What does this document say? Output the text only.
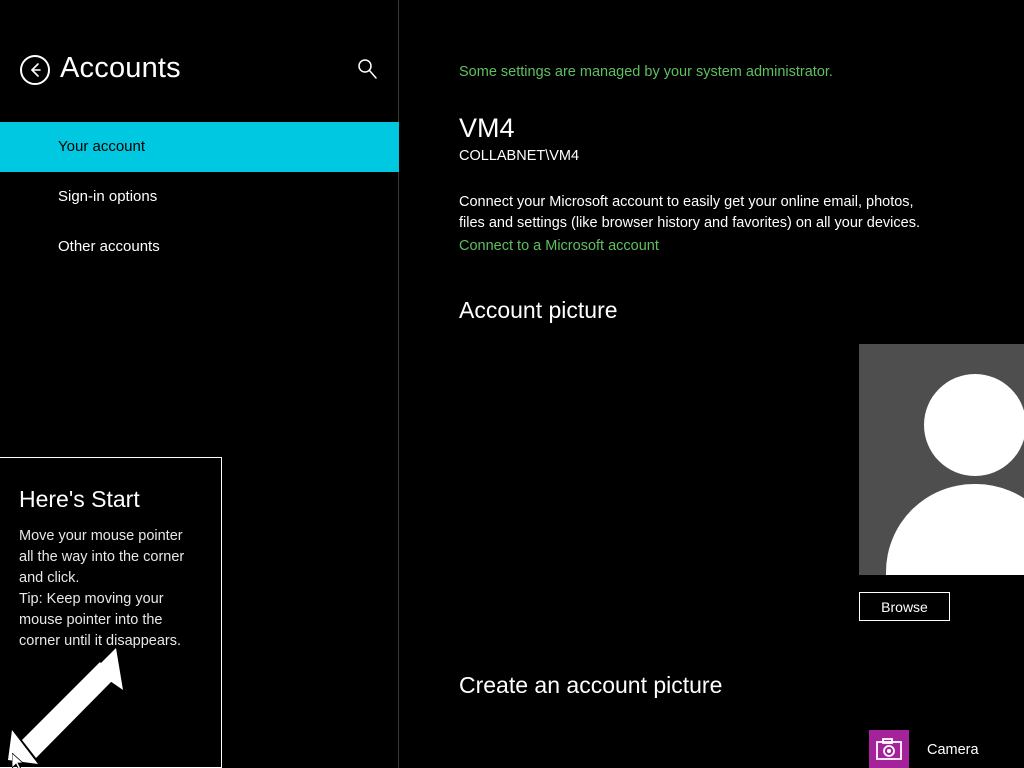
Accounts
Your account
Sign-in options
Other accounts
Here's Start

Move your mouse pointer

all the way into the corner

and click.

Tip: Keep moving your

mouse pointer into the

corner until it disappears.

Some settings are managed by your system administrator.
VM4
COLLABNET\VM4
Connect your Microsoft account to easily get your online email, photos, files and settings (like browser history and favorites) on all your devices.
Connect to a Microsoft account
Account picture
Browse
Create an account picture
Camera
